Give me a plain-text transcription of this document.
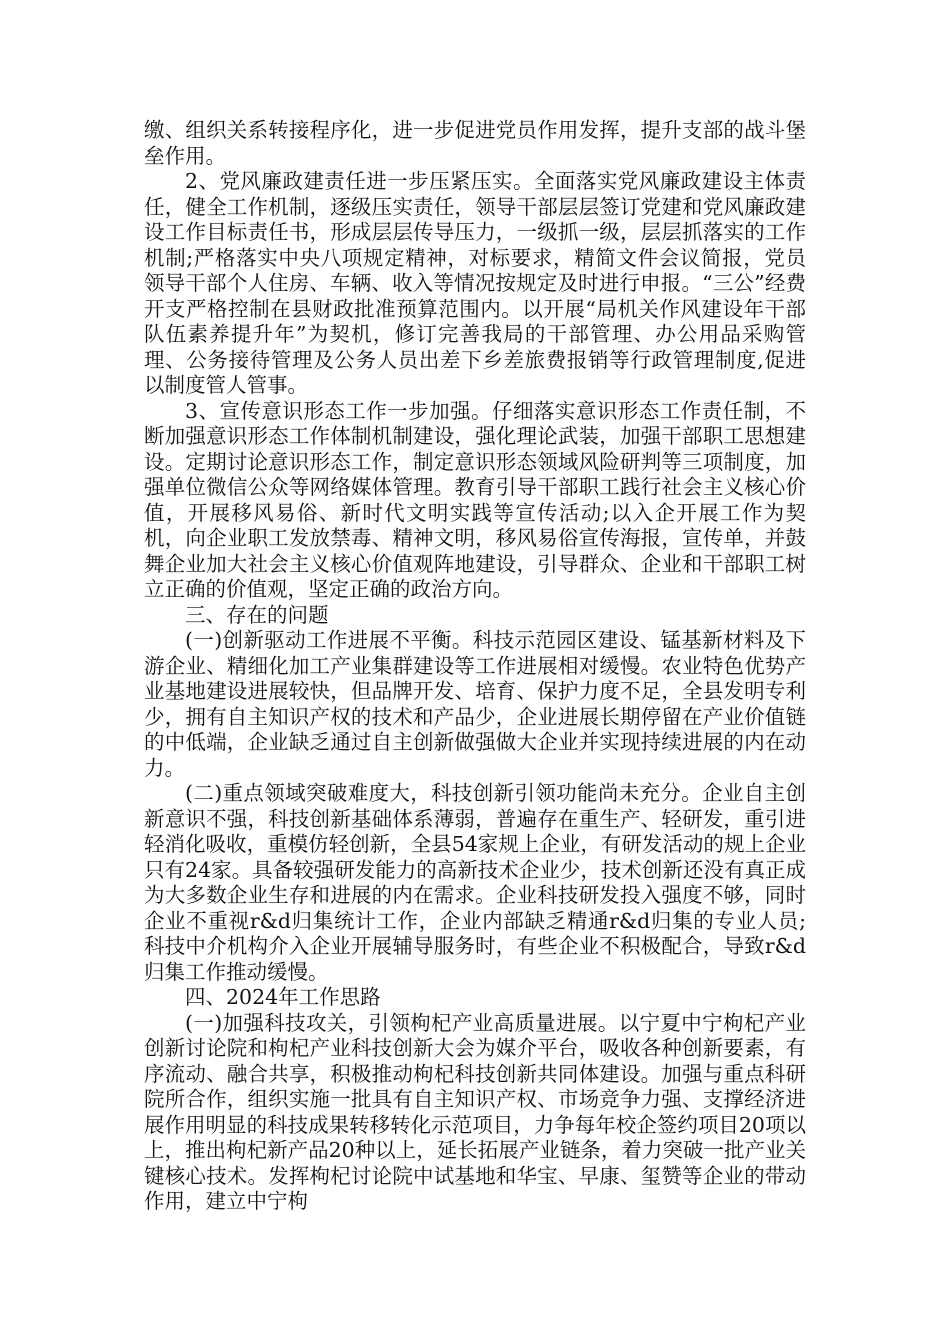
缴、组织关系转接程序化，进一步促进党员作用发挥，提升支部的战斗堡垒作用。

2、党风廉政建责任进一步压紧压实。全面落实党风廉政建设主体责任，健全工作机制，逐级压实责任，领导干部层层签订党建和党风廉政建设工作目标责任书，形成层层传导压力，一级抓一级，层层抓落实的工作机制;严格落实中央八项规定精神，对标要求，精简文件会议简报，党员领导干部个人住房、车辆、收入等情况按规定及时进行申报。“三公”经费开支严格控制在县财政批准预算范围内。以开展“局机关作风建设年干部队伍素养提升年”为契机，修订完善我局的干部管理、办公用品采购管理、公务接待管理及公务人员出差下乡差旅费报销等行政管理制度,促进以制度管人管事。

3、宣传意识形态工作一步加强。仔细落实意识形态工作责任制，不断加强意识形态工作体制机制建设，强化理论武装，加强干部职工思想建设。定期讨论意识形态工作，制定意识形态领域风险研判等三项制度，加强单位微信公众等网络媒体管理。教育引导干部职工践行社会主义核心价值，开展移风易俗、新时代文明实践等宣传活动;以入企开展工作为契机，向企业职工发放禁毒、精神文明，移风易俗宣传海报，宣传单，并鼓舞企业加大社会主义核心价值观阵地建设，引导群众、企业和干部职工树立正确的价值观，坚定正确的政治方向。

三、存在的问题

(一)创新驱动工作进展不平衡。科技示范园区建设、锰基新材料及下游企业、精细化加工产业集群建设等工作进展相对缓慢。农业特色优势产业基地建设进展较快，但品牌开发、培育、保护力度不足，全县发明专利少，拥有自主知识产权的技术和产品少，企业进展长期停留在产业价值链的中低端，企业缺乏通过自主创新做强做大企业并实现持续进展的内在动力。

(二)重点领域突破难度大，科技创新引领功能尚未充分。企业自主创新意识不强，科技创新基础体系薄弱，普遍存在重生产、轻研发，重引进轻消化吸收，重模仿轻创新，全县54家规上企业，有研发活动的规上企业只有24家。具备较强研发能力的高新技术企业少，技术创新还没有真正成为大多数企业生存和进展的内在需求。企业科技研发投入强度不够，同时企业不重视r&d归集统计工作，企业内部缺乏精通r&d归集的专业人员;科技中介机构介入企业开展辅导服务时，有些企业不积极配合，导致r&d归集工作推动缓慢。

四、2024年工作思路

(一)加强科技攻关，引领枸杞产业高质量进展。以宁夏中宁枸杞产业创新讨论院和枸杞产业科技创新大会为媒介平台，吸收各种创新要素，有序流动、融合共享，积极推动枸杞科技创新共同体建设。加强与重点科研院所合作，组织实施一批具有自主知识产权、市场竞争力强、支撑经济进展作用明显的科技成果转移转化示范项目，力争每年校企签约项目20项以上，推出枸杞新产品20种以上，延长拓展产业链条，着力突破一批产业关键核心技术。发挥枸杞讨论院中试基地和华宝、早康、玺赞等企业的带动作用，建立中宁枸
